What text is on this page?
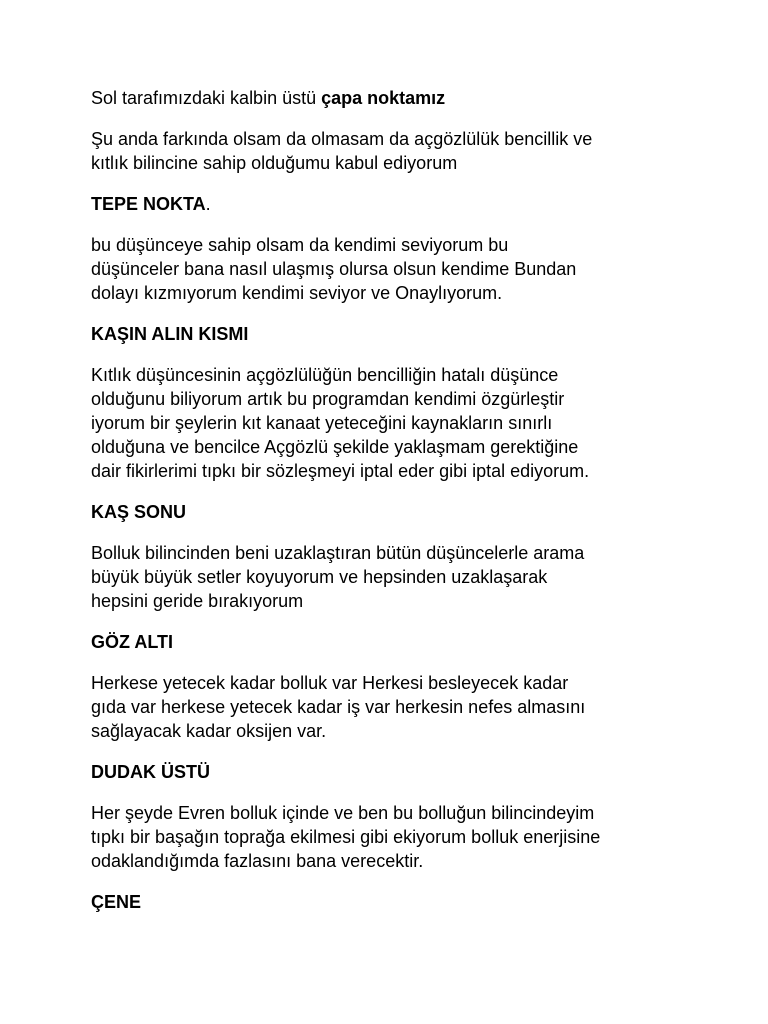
Sol tarafımızdaki kalbin üstü çapa noktamız

Şu anda farkında olsam da olmasam da açgözlülük bencillik ve

kıtlık bilincine sahip olduğumu kabul ediyorum

TEPE NOKTA.

bu düşünceye sahip olsam da kendimi seviyorum bu

düşünceler bana nasıl ulaşmış olursa olsun kendime Bundan

dolayı kızmıyorum kendimi seviyor ve Onaylıyorum.

KAŞIN ALIN KISMI

Kıtlık düşüncesinin açgözlülüğün bencilliğin hatalı düşünce

olduğunu biliyorum artık bu programdan kendimi özgürleştir

iyorum bir şeylerin kıt kanaat yeteceğini kaynakların sınırlı

olduğuna ve bencilce Açgözlü şekilde yaklaşmam gerektiğine

dair fikirlerimi tıpkı bir sözleşmeyi iptal eder gibi iptal ediyorum.

KAŞ SONU

Bolluk bilincinden beni uzaklaştıran bütün düşüncelerle arama

büyük büyük setler koyuyorum ve hepsinden uzaklaşarak

hepsini geride bırakıyorum

GÖZ ALTI

Herkese yetecek kadar bolluk var Herkesi besleyecek kadar

gıda var herkese yetecek kadar iş var herkesin nefes almasını

sağlayacak kadar oksijen var.

DUDAK ÜSTÜ

Her şeyde Evren bolluk içinde ve ben bu bolluğun bilincindeyim

tıpkı bir başağın toprağa ekilmesi gibi ekiyorum bolluk enerjisine

odaklandığımda fazlasını bana verecektir.

ÇENE
